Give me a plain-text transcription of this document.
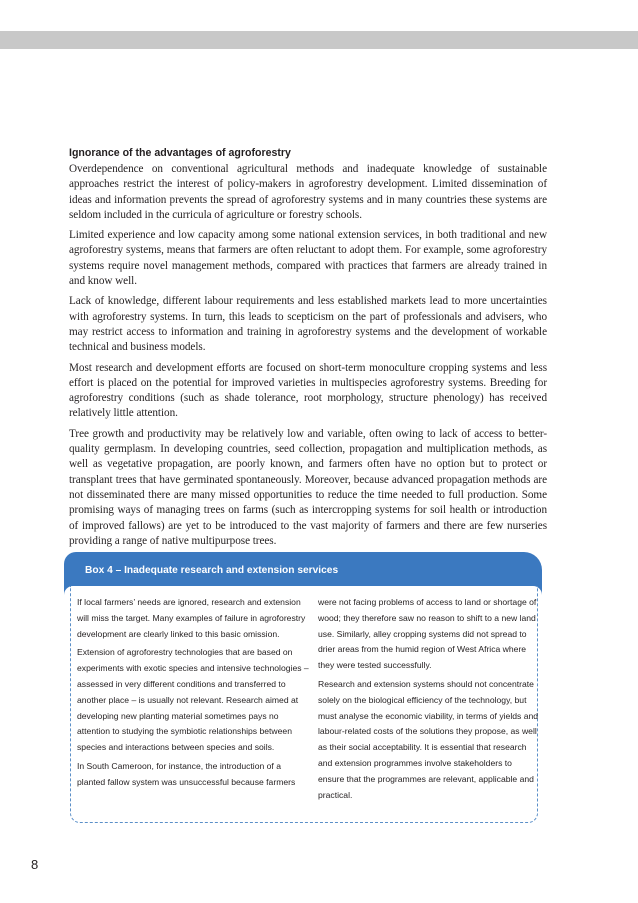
Ignorance of the advantages of agroforestry

Overdependence on conventional agricultural methods and inadequate knowledge of sustainable approaches restrict the interest of policy-makers in agroforestry development. Limited dissemination of ideas and information prevents the spread of agroforestry systems and in many countries these systems are seldom included in the curricula of agriculture or forestry schools.

Limited experience and low capacity among some national extension services, in both traditional and new agroforestry systems, means that farmers are often reluctant to adopt them. For example, some agroforestry systems require novel management methods, compared with practices that farmers are already trained in and know well.

Lack of knowledge, different labour requirements and less established markets lead to more uncertainties with agroforestry systems. In turn, this leads to scepticism on the part of professionals and advisers, who may restrict access to information and training in agroforestry systems and the development of workable technical and business models.

Most research and development efforts are focused on short-term monoculture cropping systems and less effort is placed on the potential for improved varieties in multispecies agroforestry systems. Breeding for agroforestry conditions (such as shade tolerance, root morphology, structure phenology) has received relatively little attention.

Tree growth and productivity may be relatively low and variable, often owing to lack of access to better-quality germplasm. In developing countries, seed collection, propagation and multiplication methods, as well as vegetative propagation, are poorly known, and farmers often have no option but to protect or transplant trees that have germinated spontaneously. Moreover, because advanced propagation methods are not disseminated there are many missed opportunities to reduce the time needed to full production. Some promising ways of managing trees on farms (such as intercropping systems for soil health or introduction of improved fallows) are yet to be introduced to the vast majority of farmers and there are few nurseries providing a range of native multipurpose trees.

Box 4 – Inadequate research and extension services

If local farmers’ needs are ignored, research and extension will miss the target. Many examples of failure in agroforestry development are clearly linked to this basic omission.

Extension of agroforestry technologies that are based on experiments with exotic species and intensive technologies – assessed in very different conditions and transferred to another place – is usually not relevant. Research aimed at developing new planting material sometimes pays no attention to studying the symbiotic relationships between species and interactions between species and soils.

In South Cameroon, for instance, the introduction of a planted fallow system was unsuccessful because farmers

were not facing problems of access to land or shortage of wood; they therefore saw no reason to shift to a new land use. Similarly, alley cropping systems did not spread to drier areas from the humid region of West Africa where they were tested successfully.

Research and extension systems should not concentrate solely on the biological efficiency of the technology, but must analyse the economic viability, in terms of yields and labour-related costs of the solutions they propose, as well as their social acceptability. It is essential that research and extension programmes involve stakeholders to ensure that the programmes are relevant, applicable and practical.

8
